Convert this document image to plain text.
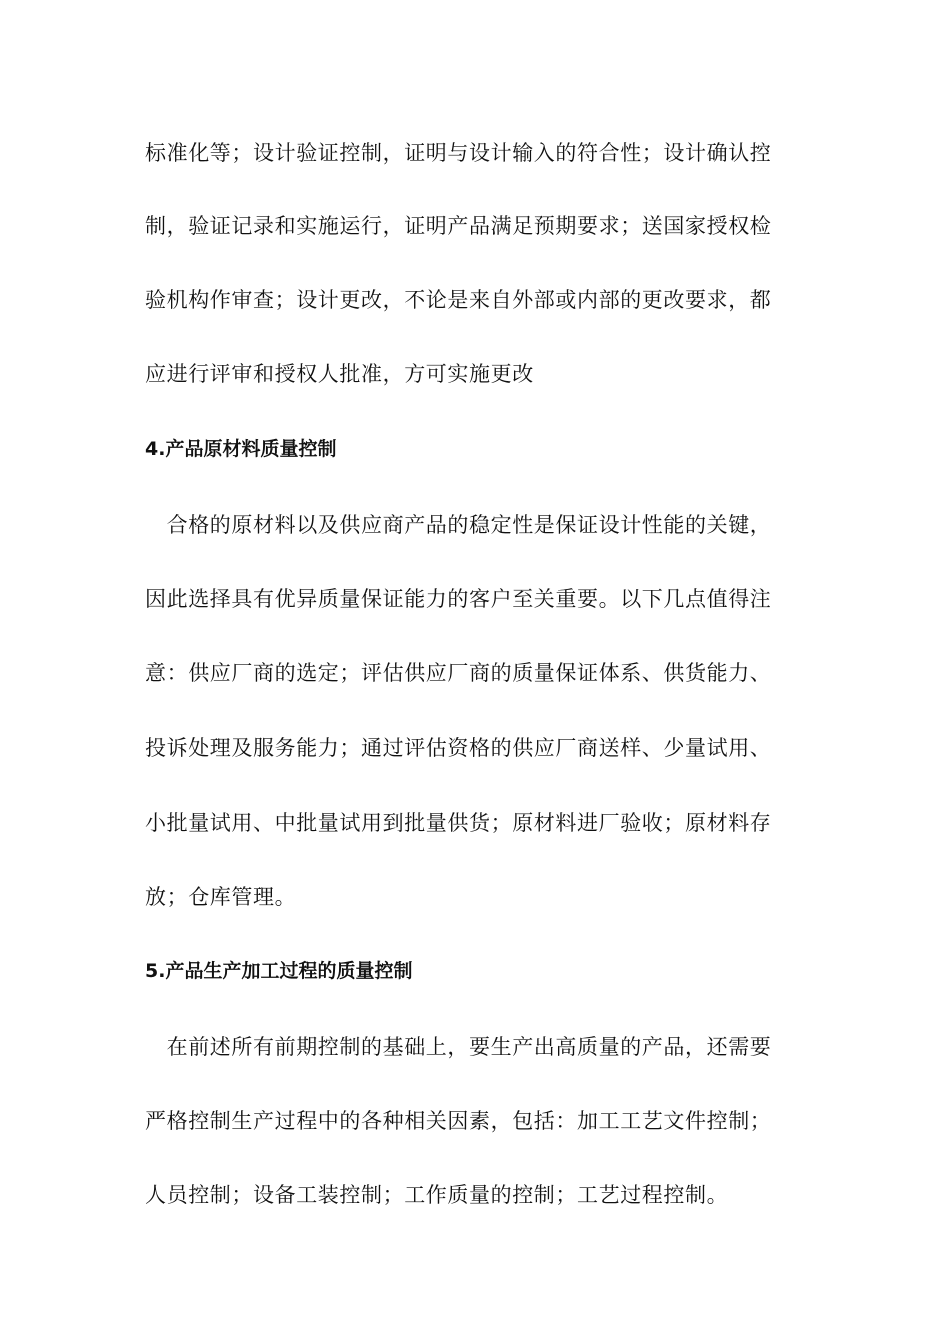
标准化等；设计验证控制，证明与设计输入的符合性；设计确认控
制，验证记录和实施运行，证明产品满足预期要求；送国家授权检
验机构作审查；设计更改，不论是来自外部或内部的更改要求，都
应进行评审和授权人批准，方可实施更改
4.产品原材料质量控制
　合格的原材料以及供应商产品的稳定性是保证设计性能的关键，
因此选择具有优异质量保证能力的客户至关重要。以下几点值得注
意：供应厂商的选定；评估供应厂商的质量保证体系、供货能力、
投诉处理及服务能力；通过评估资格的供应厂商送样、少量试用、
小批量试用、中批量试用到批量供货；原材料进厂验收；原材料存
放；仓库管理。
5.产品生产加工过程的质量控制
　在前述所有前期控制的基础上，要生产出高质量的产品，还需要
严格控制生产过程中的各种相关因素，包括：加工工艺文件控制；
人员控制；设备工装控制；工作质量的控制；工艺过程控制。
